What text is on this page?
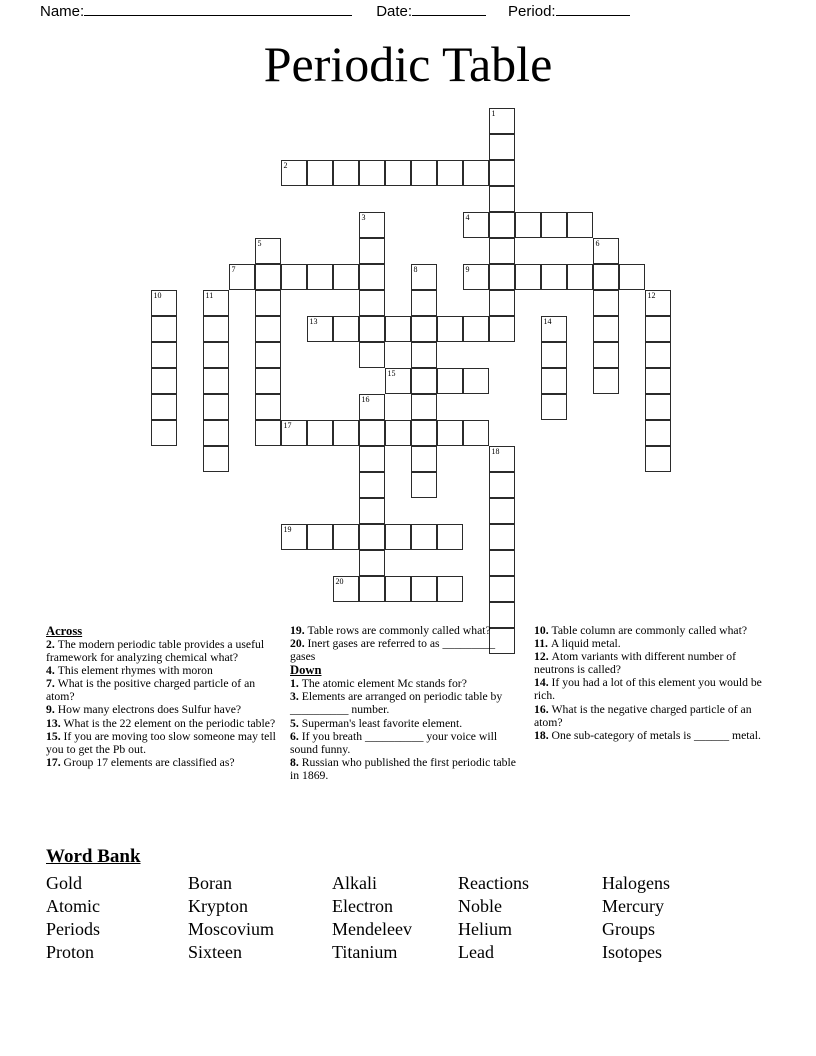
Name:	Date:	Period:
Periodic Table
1
2
3	4
5	6
7	8	9
10	11	12
13	14
15
16
17
18
19
20
Across
2. The modern periodic table provides a useful framework for analyzing chemical what?
4. This element rhymes with moron
7. What is the positive charged particle of an atom?
9. How many electrons does Sulfur have?
13. What is the 22 element on the periodic table?
15. If you are moving too slow someone may tell you to get the Pb out.
17. Group 17 elements are classified as?
19. Table rows are commonly called what?
20. Inert gases are referred to as _________ gases
Down
1. The atomic element Mc stands for?
3. Elements are arranged on periodic table by __________ number.
5. Superman's least favorite element.
6. If you breath __________ your voice will sound funny.
8. Russian who published the first periodic table in 1869.
10. Table column are commonly called what?
11. A liquid metal.
12. Atom variants with different number of neutrons is called?
14. If you had a lot of this element you would be rich.
16. What is the negative charged particle of an atom?
18. One sub-category of metals is ______ metal.
Word Bank
Gold	Boran	Alkali	Reactions	Halogens
Atomic	Krypton	Electron	Noble	Mercury
Periods	Moscovium	Mendeleev	Helium	Groups
Proton	Sixteen	Titanium	Lead	Isotopes
